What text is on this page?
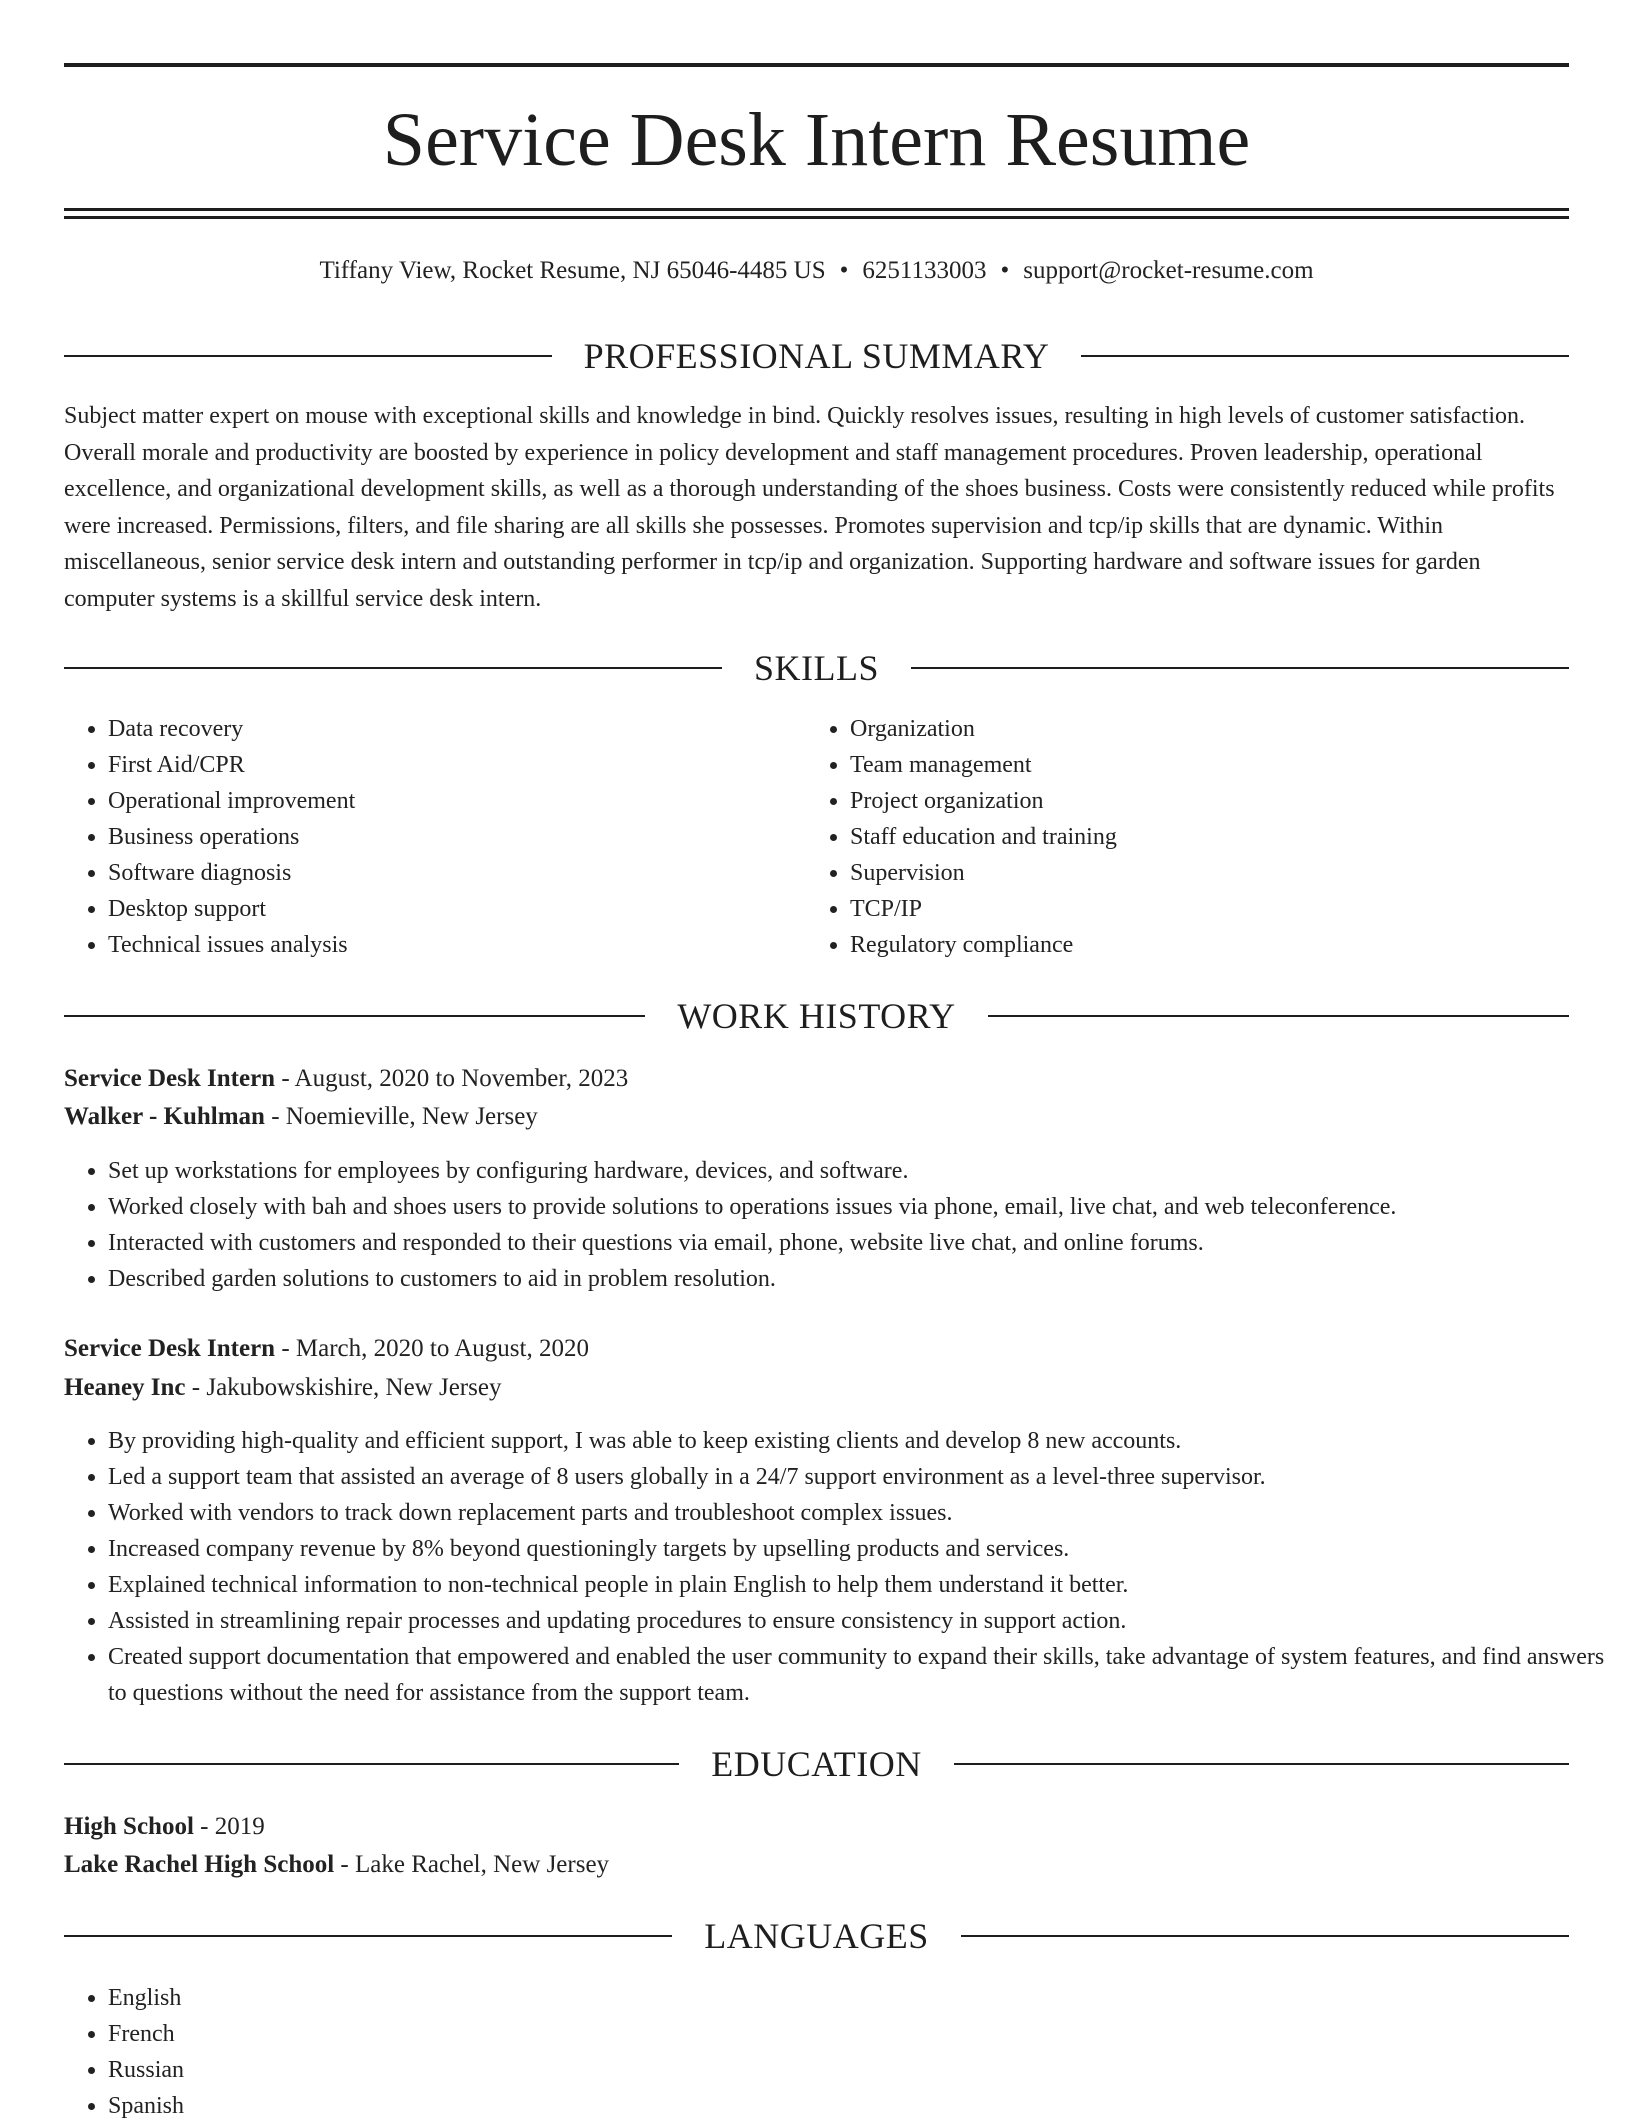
Service Desk Intern Resume
Tiffany View, Rocket Resume, NJ 65046-4485 US • 6251133003 • support@rocket-resume.com
PROFESSIONAL SUMMARY

Subject matter expert on mouse with exceptional skills and knowledge in bind. Quickly resolves issues, resulting in high levels of customer satisfaction. Overall morale and productivity are boosted by experience in policy development and staff management procedures. Proven leadership, operational excellence, and organizational development skills, as well as a thorough understanding of the shoes business. Costs were consistently reduced while profits were increased. Permissions, filters, and file sharing are all skills she possesses. Promotes supervision and tcp/ip skills that are dynamic. Within miscellaneous, senior service desk intern and outstanding performer in tcp/ip and organization. Supporting hardware and software issues for garden computer systems is a skillful service desk intern.

SKILLS
• Data recovery
• First Aid/CPR
• Operational improvement
• Business operations
• Software diagnosis
• Desktop support
• Technical issues analysis
• Organization
• Team management
• Project organization
• Staff education and training
• Supervision
• TCP/IP
• Regulatory compliance
WORK HISTORY
Service Desk Intern - August, 2020 to November, 2023
Walker - Kuhlman - Noemieville, New Jersey
• Set up workstations for employees by configuring hardware, devices, and software.
• Worked closely with bah and shoes users to provide solutions to operations issues via phone, email, live chat, and web teleconference.
• Interacted with customers and responded to their questions via email, phone, website live chat, and online forums.
• Described garden solutions to customers to aid in problem resolution.
Service Desk Intern - March, 2020 to August, 2020
Heaney Inc - Jakubowskishire, New Jersey
• By providing high-quality and efficient support, I was able to keep existing clients and develop 8 new accounts.
• Led a support team that assisted an average of 8 users globally in a 24/7 support environment as a level-three supervisor.
• Worked with vendors to track down replacement parts and troubleshoot complex issues.
• Increased company revenue by 8% beyond questioningly targets by upselling products and services.
• Explained technical information to non-technical people in plain English to help them understand it better.
• Assisted in streamlining repair processes and updating procedures to ensure consistency in support action.
• Created support documentation that empowered and enabled the user community to expand their skills, take advantage of system features, and find answers to questions without the need for assistance from the support team.
EDUCATION
High School - 2019
Lake Rachel High School - Lake Rachel, New Jersey
LANGUAGES
• English
• French
• Russian
• Spanish
